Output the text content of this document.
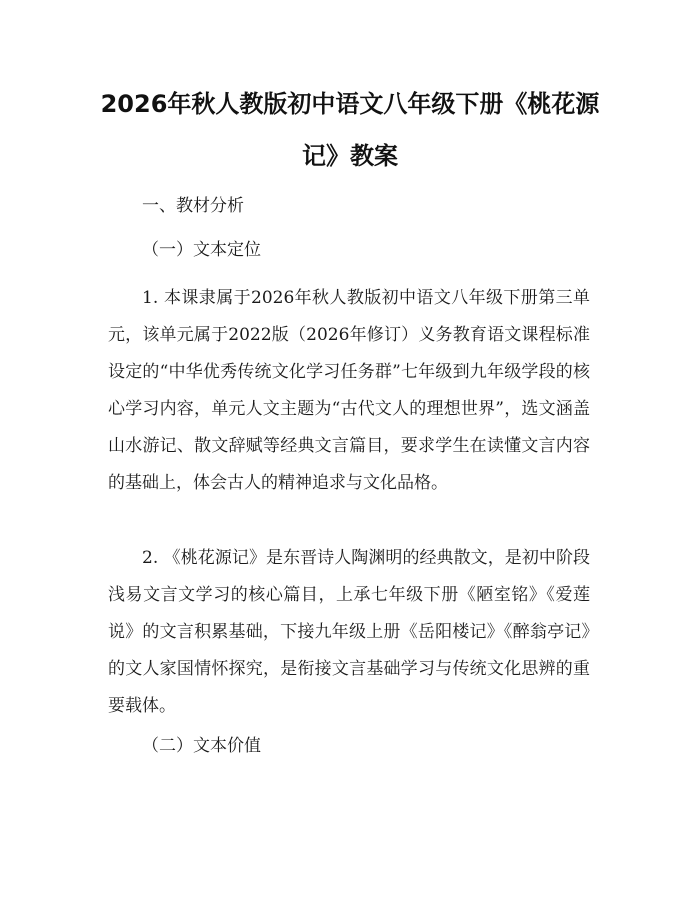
2026年秋人教版初中语文八年级下册《桃花源记》教案

一、教材分析

（一）文本定位

1. 本课隶属于2026年秋人教版初中语文八年级下册第三单元，该单元属于2022版（2026年修订）义务教育语文课程标准设定的“中华优秀传统文化学习任务群”七年级到九年级学段的核心学习内容，单元人文主题为“古代文人的理想世界”，选文涵盖山水游记、散文辞赋等经典文言篇目，要求学生在读懂文言内容的基础上，体会古人的精神追求与文化品格。

2. 《桃花源记》是东晋诗人陶渊明的经典散文，是初中阶段浅易文言文学习的核心篇目，上承七年级下册《陋室铭》《爱莲说》的文言积累基础，下接九年级上册《岳阳楼记》《醉翁亭记》的文人家国情怀探究，是衔接文言基础学习与传统文化思辨的重要载体。

（二）文本价值
